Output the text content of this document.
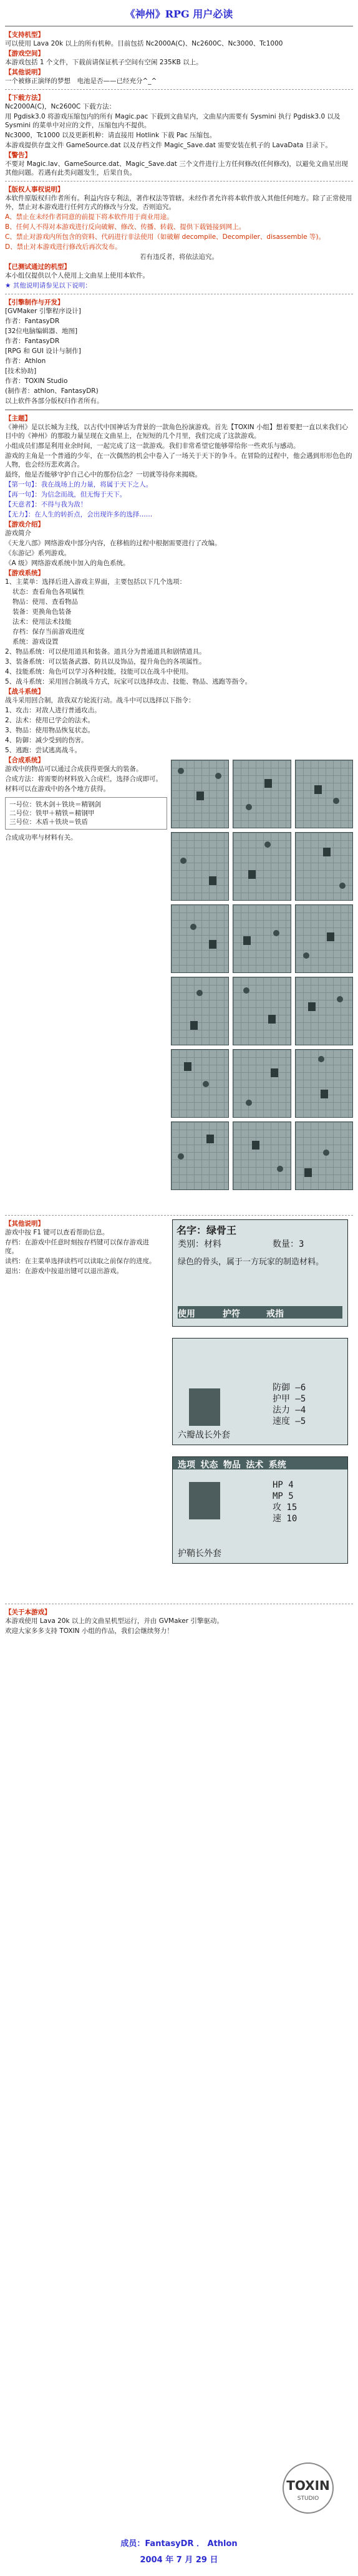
《神州》RPG 用户必读
【支持机型】
可以使用 Lava 20k 以上的所有机种。目前包括 Nc2000A(C)、Nc2600C、Nc3000、Tc1000
【游戏空间】
本游戏包括 1 个文件，下载前请保证机子空间有空闲 235KB 以上。
【其他说明】
一个被修正演绎的梦想　电池是否——已经充分^_^
【下载方法】
Nc2000A(C)，Nc2600C 下载方法：
用 Pgdisk3.0 将游戏压缩包内的所有 Magic.pac 下载到文曲星内，文曲星内需要有 Sysmini 执行 Pgdisk3.0 以及 Sysmini 的菜单中对应的文件，压缩包内不提供。
Nc3000，Tc1000 以及更新机种：请直接用 Hotlink 下载 Pac 压缩包。
本游戏提供存盘文件 GameSource.dat 以及存档文件 Magic_Save.dat 需要安装在机子的 LavaData 目录下。
【警告】
不要对 Magic.lav、GameSource.dat、Magic_Save.dat 三个文件进行上方任何修改(任何修改)，以避免文曲星出现其他问题。若遇有此类问题发生，后果自负。
【版权人事权说明】
本软件原版权归作者所有。利益内容专利法，著作权法等管辖。未经作者允许将本软件放入其他任何地方。除了正常使用外，禁止对本游戏进行任何方式的修改与分发，否则追究。
A、禁止在未经作者同意的前提下将本软件用于商业用途。
B、任何人不得对本游戏进行反向破解、修改、传播、转载、提供下载链接到网上。
C、禁止对游戏内所包含的资料、代码进行非法使用（如破解 decompile、Decompiler、disassemble 等)。
D、禁止对本游戏进行修改后再次发布。
若有违反者，将依法追究。
【已测试通过的机型】
本小组仅提供以个人使用上文曲星上使用本软件。
★ 其他说明请参见以下说明：
【引擎制作与开发】
[GVMaker 引擎程序设计]
作者：FantasyDR
[32位电脑编辑器、地图]
作者：FantasyDR
[RPG 和 GUI 设计与制作]
作者：Athlon
[技术协助]
作者：TOXIN Studio
(制作者：athlon、FantasyDR)
以上软件各部分版权归作者所有。
【主题】
《神州》是以长城为主线，以古代中国神话为背景的一款角色扮演游戏。首先【TOXIN 小组】想着要把一直以来我们心目中的《神州》的那股力量呈现在文曲星上，在短短的几个月里，我们完成了这款游戏。
小组成员们都是利用业余时间，一起完成了这一款游戏。我们非常希望它能够带给你一些欢乐与感动。
游戏的主角是一个普通的少年，在一次偶然的机会中卷入了一场关于天下的争斗。在冒险的过程中，他会遇到形形色色的人物，也会经历悲欢离合。
最终，他是否能够守护自己心中的那份信念？一切就等待你来揭晓。
【第一句】：我在战场上的力量，将属于天下之人。
【再一句】：为信念而战，但无悔于天下。
【天意者】：不得与我为敌！
【无力】：在人生的转折点，会出现许多的选择……
【游戏介绍】
游戏简介
《天龙八部》网络游戏中部分内容，在移植的过程中根据需要进行了改编。
《东游记》系列游戏。
《A 级》网络游戏系统中加入的角色系统。
【游戏系统】
1、主菜单：选择后进入游戏主界面，主要包括以下几个选项：
状态：查看角色各项属性
物品：使用、查看物品
装备：更换角色装备
法术：使用法术技能
存档：保存当前游戏进度
系统：游戏设置
2、物品系统：可以使用道具和装备。道具分为普通道具和剧情道具。
3、装备系统：可以装备武器、防具以及饰品，提升角色的各项属性。
4、技能系统：角色可以学习各种技能，技能可以在战斗中使用。
5、战斗系统：采用回合制战斗方式，玩家可以选择攻击、技能、物品、逃跑等指令。
【战斗系统】
战斗采用回合制，敌我双方轮流行动。战斗中可以选择以下指令：
1、攻击：对敌人进行普通攻击。
2、法术：使用已学会的法术。
3、物品：使用物品恢复状态。
4、防御：减少受到的伤害。
5、逃跑：尝试逃离战斗。
【合成系统】
游戏中的物品可以通过合成获得更强大的装备。
合成方法：将需要的材料放入合成栏，选择合成即可。
材料可以在游戏中的各个地方获得。
一号位：铁木剑＋铁块＝精钢剑
二号位：铁甲＋精铁＝精钢甲
三号位：木盾＋铁块＝铁盾
合成成功率与材料有关。
【其他说明】
游戏中按 F1 键可以查看帮助信息。
存档：在游戏中任意时刻按存档键可以保存游戏进度。
读档：在主菜单选择读档可以读取之前保存的进度。
退出：在游戏中按退出键可以退出游戏。
名字：绿骨王
类别：材料	数量：3
绿色的骨头，属于一方玩家的制造材料。
使用	护符	戒指
防御 —6
护甲 —5
法力 —4
速度 —5
六瓣战长外套
选项 状态 物品 法术 系统
HP 4
MP 5
攻 15
速 10
护鞘长外套
【关于本游戏】
本游戏使用 Lava 20k 以上的文曲星机型运行，并由 GVMaker 引擎驱动。
欢迎大家多多支持 TOXIN 小组的作品，我们会继续努力！
TOXIN
STUDIO
成员：FantasyDR ． Athlon
2004 年 7 月 29 日
